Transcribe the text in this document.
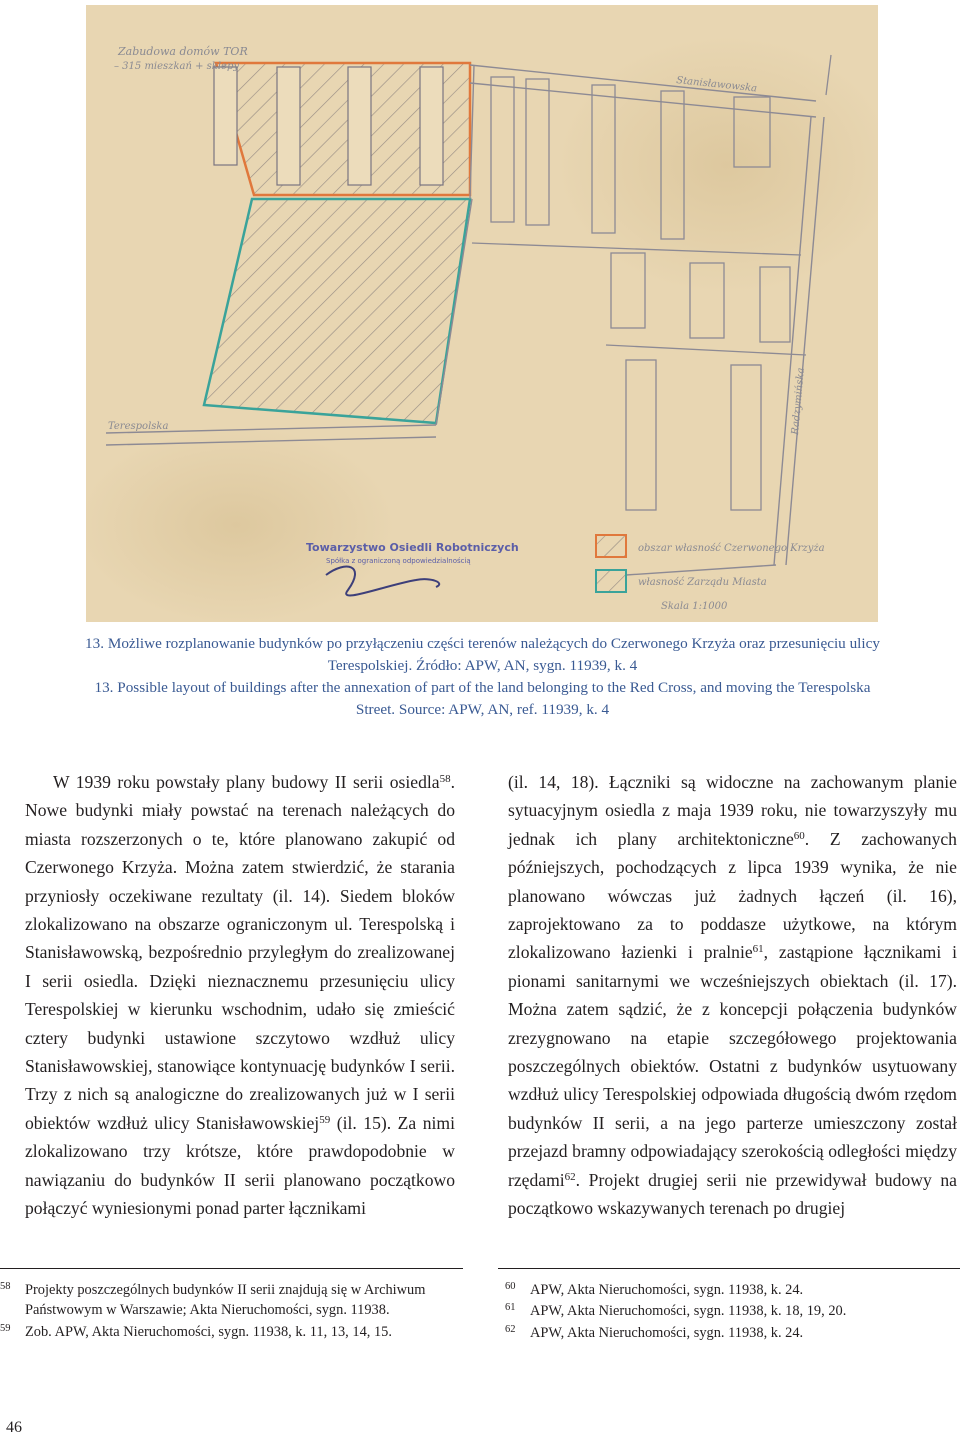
Zabudowa domów TOR
– 315 mieszkań + sklepy
Stanisławowska
Terespolska	Radzymińska
Towarzystwo Osiedli Robotniczych
Spółka z ograniczoną odpowiedzialnością
obszar własność Czerwonego Krzyża
własność Zarządu Miasta
Skala 1:1000

13. Możliwe rozplanowanie budynków po przyłączeniu części terenów należących do Czerwonego Krzyża oraz przesunięciu ulicy

Terespolskiej. Źródło: APW, AN, sygn. 11939, k. 4

13. Possible layout of buildings after the annexation of part of the land belonging to the Red Cross, and moving the Terespolska

Street. Source: APW, AN, ref. 11939, k. 4

W 1939 roku powstały plany budowy II serii osiedla$^{58}$. Nowe budynki miały powstać na terenach należących do miasta rozszerzonych o te, które planowano zakupić od Czerwonego Krzyża. Można zatem stwierdzić, że starania przyniosły oczekiwane rezultaty (il. 14). Siedem bloków zlokalizowano na obszarze ograniczonym ul. Terespolską i Stanisławowską, bezpośrednio przyległym do zrealizowanej I serii osiedla. Dzięki nieznacznemu przesunięciu ulicy Terespolskiej w kierunku wschodnim, udało się zmieścić cztery budynki ustawione szczytowo wzdłuż ulicy Stanisławowskiej, stanowiące kontynuację budynków I serii. Trzy z nich są analogiczne do zrealizowanych już w I serii obiektów wzdłuż ulicy Stanisławowskiej$^{59}$ (il. 15). Za nimi zlokalizowano trzy krótsze, które prawdopodobnie w nawiązaniu do budynków II serii planowano początkowo połączyć wyniesionymi ponad parter łącznikami

(il. 14, 18). Łączniki są widoczne na zachowanym planie sytuacyjnym osiedla z maja 1939 roku, nie towarzyszyły mu jednak ich plany architektoniczne$^{60}$. Z zachowanych późniejszych, pochodzących z lipca 1939 wynika, że nie planowano wówczas już żadnych łączeń (il. 16), zaprojektowano za to poddasze użytkowe, na którym zlokalizowano łazienki i pralnie$^{61}$, zastąpione łącznikami i pionami sanitarnymi we wcześniejszych obiektach (il. 17). Można zatem sądzić, że z koncepcji połączenia budynków zrezygnowano na etapie szczegółowego projektowania poszczególnych obiektów. Ostatni z budynków usytuowany wzdłuż ulicy Terespolskiej odpowiada długością dwóm rzędom budynków II serii, a na jego parterze umieszczony został przejazd bramny odpowiadający szerokością odległości między rzędami$^{62}$. Projekt drugiej serii nie przewidywał budowy na początkowo wskazywanych terenach po drugiej

$^{58}$ Projekty poszczególnych budynków II serii znajdują się w Archiwum Państwowym w Warszawie; Akta Nieruchomości, sygn. 11938.

$^{59}$ Zob. APW, Akta Nieruchomości, sygn. 11938, k. 11, 13, 14, 15.

$^{60}$ APW, Akta Nieruchomości, sygn. 11938, k. 24.

$^{61}$ APW, Akta Nieruchomości, sygn. 11938, k. 18, 19, 20.

$^{62}$ APW, Akta Nieruchomości, sygn. 11938, k. 24.

46
